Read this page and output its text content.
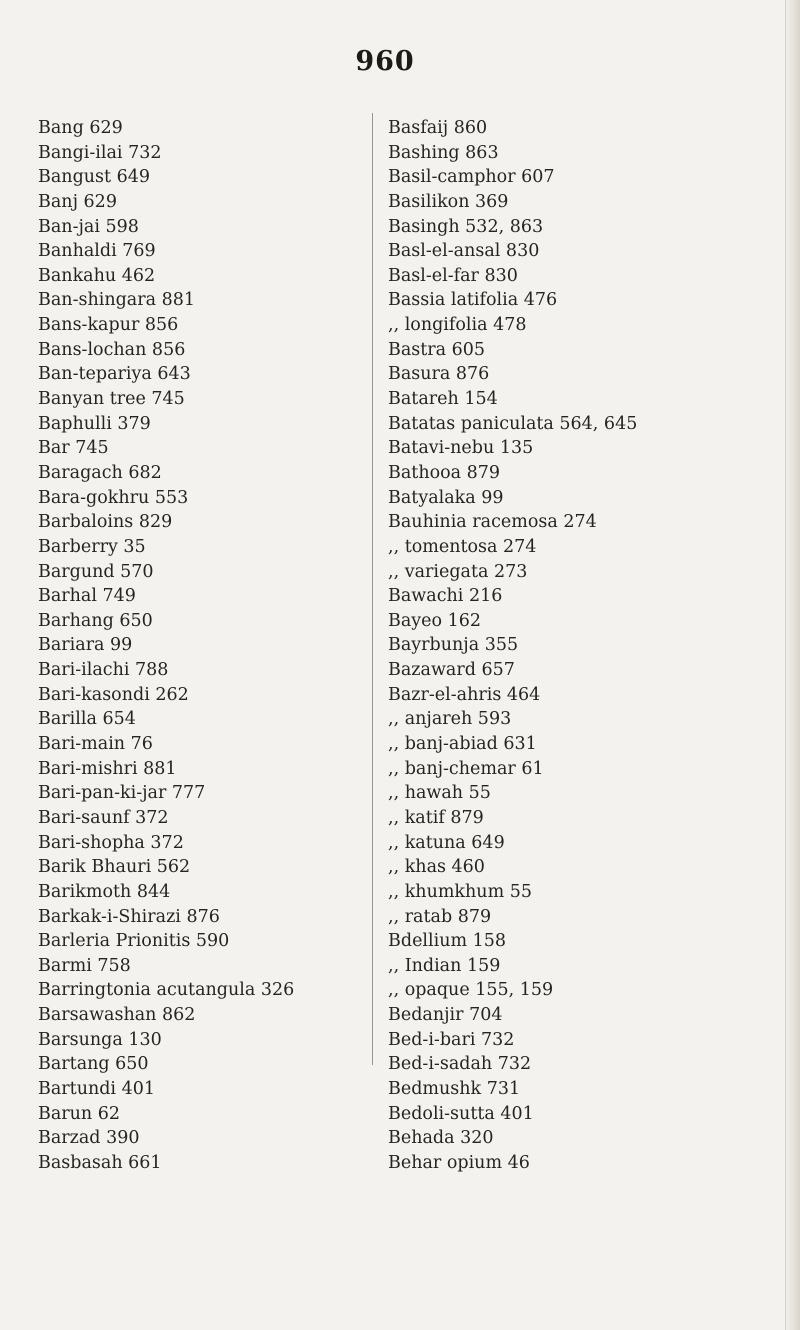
960
Bang 629
Bangi-ilai 732
Bangust 649
Banj 629
Ban-jai 598
Banhaldi 769
Bankahu 462
Ban-shingara 881
Bans-kapur 856
Bans-lochan 856
Ban-tepariya 643
Banyan tree 745
Baphulli 379
Bar 745
Baragach 682
Bara-gokhru 553
Barbaloins 829
Barberry 35
Bargund 570
Barhal 749
Barhang 650
Bariara 99
Bari-ilachi 788
Bari-kasondi 262
Barilla 654
Bari-main 76
Bari-mishri 881
Bari-pan-ki-jar 777
Bari-saunf 372
Bari-shopha 372
Barik Bhauri 562
Barikmoth 844
Barkak-i-Shirazi 876
Barleria Prionitis 590
Barmi 758
Barringtonia acutangula 326
Barsawashan 862
Barsunga 130
Bartang 650
Bartundi 401
Barun 62
Barzad 390
Basbasah 661
Basfaij 860
Bashing 863
Basil-camphor 607
Basilikon 369
Basingh 532, 863
Basl-el-ansal 830
Basl-el-far 830
Bassia latifolia 476
,, longifolia 478
Bastra 605
Basura 876
Batareh 154
Batatas paniculata 564, 645
Batavi-nebu 135
Bathooa 879
Batyalaka 99
Bauhinia racemosa 274
,, tomentosa 274
,, variegata 273
Bawachi 216
Bayeo 162
Bayrbunja 355
Bazaward 657
Bazr-el-ahris 464
,, anjareh 593
,, banj-abiad 631
,, banj-chemar 61
,, hawah 55
,, katif 879
,, katuna 649
,, khas 460
,, khumkhum 55
,, ratab 879
Bdellium 158
,, Indian 159
,, opaque 155, 159
Bedanjir 704
Bed-i-bari 732
Bed-i-sadah 732
Bedmushk 731
Bedoli-sutta 401
Behada 320
Behar opium 46
